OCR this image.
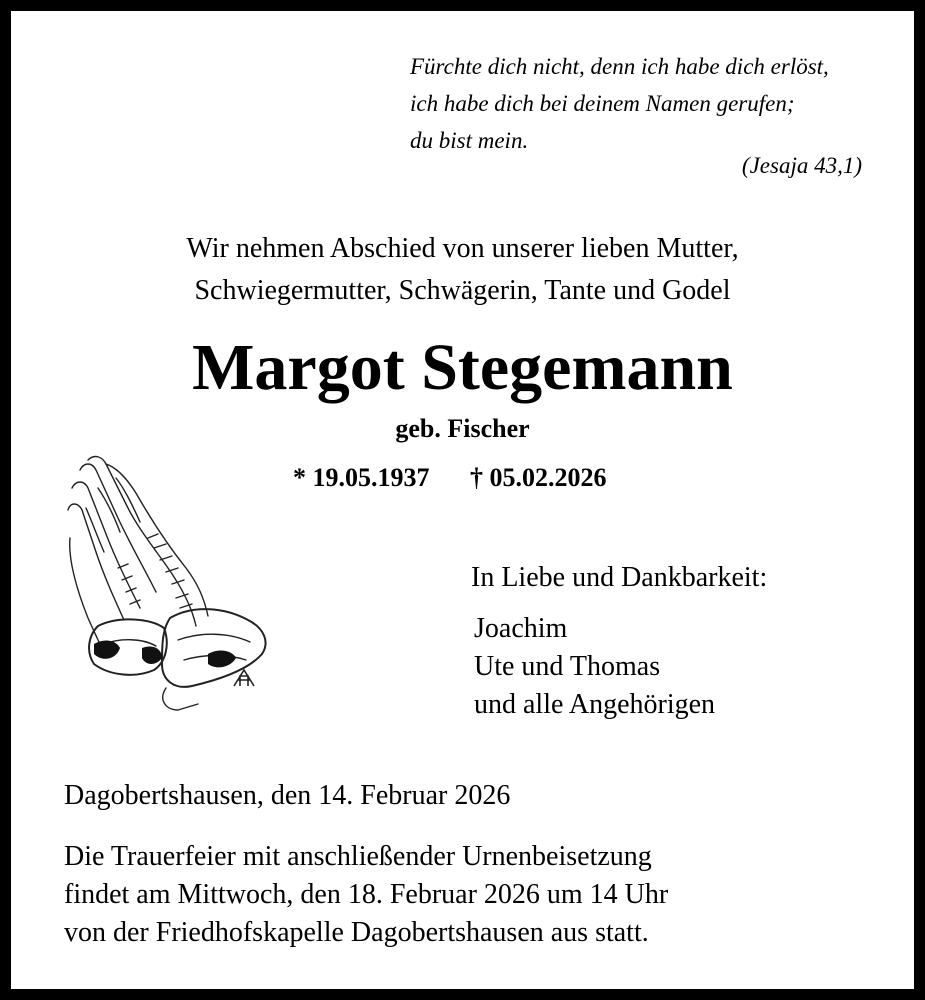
Fürchte dich nicht, denn ich habe dich erlöst,
ich habe dich bei deinem Namen gerufen;
du bist mein.
(Jesaja 43,1)
Wir nehmen Abschied von unserer lieben Mutter,
Schwiegermutter, Schwägerin, Tante und Godel
Margot Stegemann
geb. Fischer
* 19.05.1937 † 05.02.2026
In Liebe und Dankbarkeit:
Joachim
Ute und Thomas
und alle Angehörigen
Dagobertshausen, den 14. Februar 2026
Die Trauerfeier mit anschließender Urnenbeisetzung
findet am Mittwoch, den 18. Februar 2026 um 14 Uhr
von der Friedhofskapelle Dagobertshausen aus statt.
